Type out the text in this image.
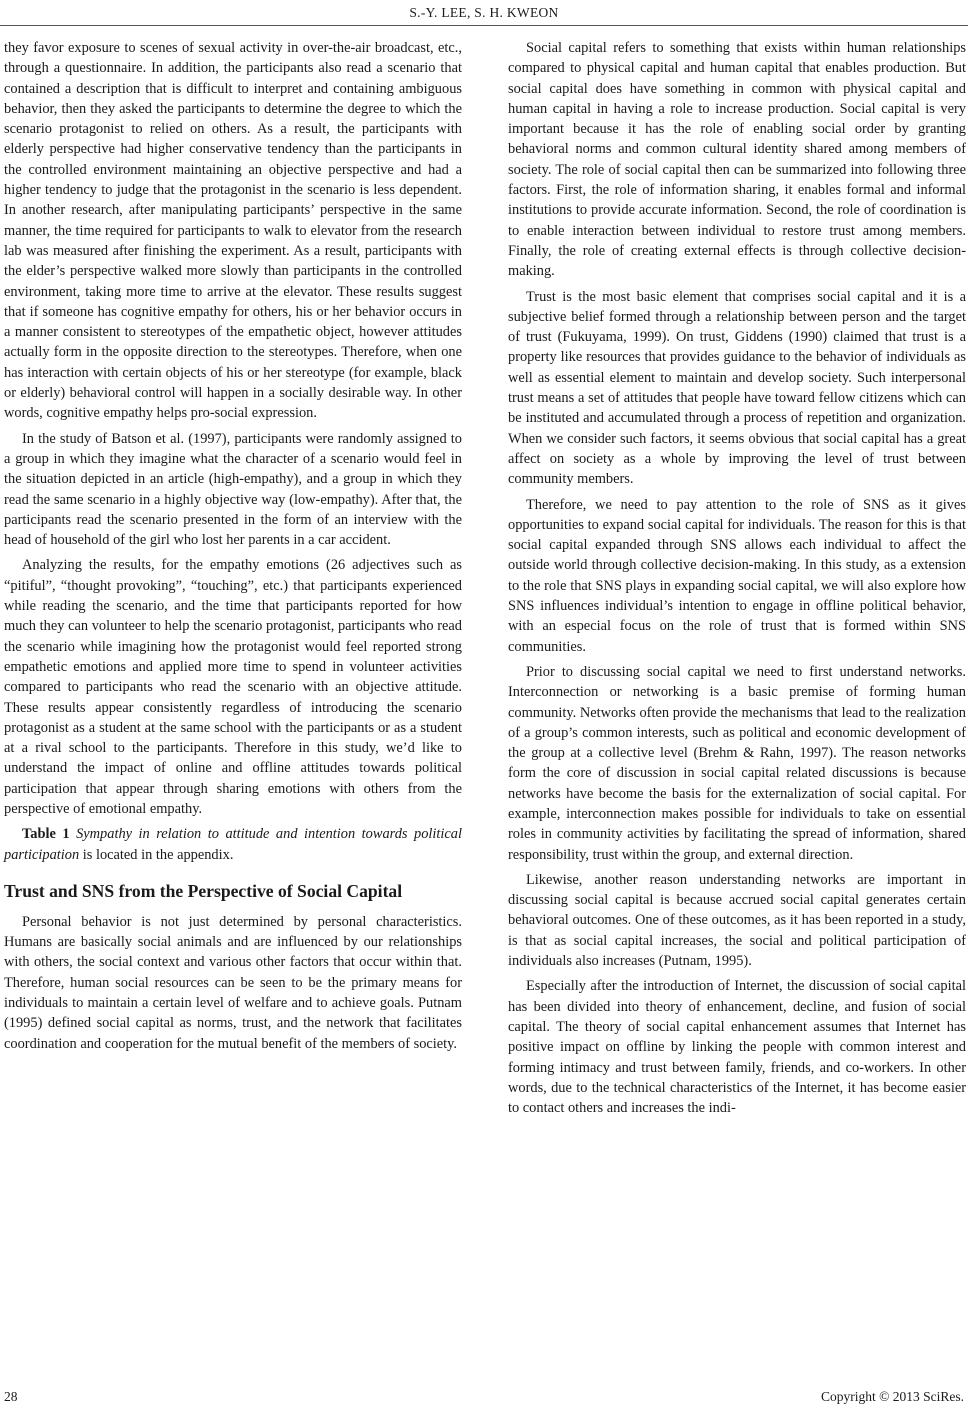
S.-Y. LEE, S. H. KWEON

they favor exposure to scenes of sexual activity in over-the-air broadcast, etc., through a questionnaire. In addition, the participants also read a scenario that contained a description that is difficult to interpret and containing ambiguous behavior, then they asked the participants to determine the degree to which the scenario protagonist to relied on others. As a result, the participants with elderly perspective had higher conservative tendency than the participants in the controlled environment maintaining an objective perspective and had a higher tendency to judge that the protagonist in the scenario is less dependent. In another research, after manipulating participants’ perspective in the same manner, the time required for participants to walk to elevator from the research lab was measured after finishing the experiment. As a result, participants with the elder’s perspective walked more slowly than participants in the controlled environment, taking more time to arrive at the elevator. These results suggest that if someone has cognitive empathy for others, his or her behavior occurs in a manner consistent to stereotypes of the empathetic object, however attitudes actually form in the opposite direction to the stereotypes. Therefore, when one has interaction with certain objects of his or her stereotype (for example, black or elderly) behavioral control will happen in a socially desirable way. In other words, cognitive empathy helps pro-social expression.

In the study of Batson et al. (1997), participants were randomly assigned to a group in which they imagine what the character of a scenario would feel in the situation depicted in an article (high-empathy), and a group in which they read the same scenario in a highly objective way (low-empathy). After that, the participants read the scenario presented in the form of an interview with the head of household of the girl who lost her parents in a car accident.

Analyzing the results, for the empathy emotions (26 adjectives such as “pitiful”, “thought provoking”, “touching”, etc.) that participants experienced while reading the scenario, and the time that participants reported for how much they can volunteer to help the scenario protagonist, participants who read the scenario while imagining how the protagonist would feel reported strong empathetic emotions and applied more time to spend in volunteer activities compared to participants who read the scenario with an objective attitude. These results appear consistently regardless of introducing the scenario protagonist as a student at the same school with the participants or as a student at a rival school to the participants. Therefore in this study, we’d like to understand the impact of online and offline attitudes towards political participation that appear through sharing emotions with others from the perspective of emotional empathy.

Table 1 Sympathy in relation to attitude and intention towards political participation is located in the appendix.

Trust and SNS from the Perspective of Social Capital

Personal behavior is not just determined by personal characteristics. Humans are basically social animals and are influenced by our relationships with others, the social context and various other factors that occur within that. Therefore, human social resources can be seen to be the primary means for individuals to maintain a certain level of welfare and to achieve goals. Putnam (1995) defined social capital as norms, trust, and the network that facilitates coordination and cooperation for the mutual benefit of the members of society.

Social capital refers to something that exists within human relationships compared to physical capital and human capital that enables production. But social capital does have something in common with physical capital and human capital in having a role to increase production. Social capital is very important because it has the role of enabling social order by granting behavioral norms and common cultural identity shared among members of society. The role of social capital then can be summarized into following three factors. First, the role of information sharing, it enables formal and informal institutions to provide accurate information. Second, the role of coordination is to enable interaction between individual to restore trust among members. Finally, the role of creating external effects is through collective decision-making.

Trust is the most basic element that comprises social capital and it is a subjective belief formed through a relationship between person and the target of trust (Fukuyama, 1999). On trust, Giddens (1990) claimed that trust is a property like resources that provides guidance to the behavior of individuals as well as essential element to maintain and develop society. Such interpersonal trust means a set of attitudes that people have toward fellow citizens which can be instituted and accumulated through a process of repetition and organization. When we consider such factors, it seems obvious that social capital has a great affect on society as a whole by improving the level of trust between community members.

Therefore, we need to pay attention to the role of SNS as it gives opportunities to expand social capital for individuals. The reason for this is that social capital expanded through SNS allows each individual to affect the outside world through collective decision-making. In this study, as a extension to the role that SNS plays in expanding social capital, we will also explore how SNS influences individual’s intention to engage in offline political behavior, with an especial focus on the role of trust that is formed within SNS communities.

Prior to discussing social capital we need to first understand networks. Interconnection or networking is a basic premise of forming human community. Networks often provide the mechanisms that lead to the realization of a group’s common interests, such as political and economic development of the group at a collective level (Brehm & Rahn, 1997). The reason networks form the core of discussion in social capital related discussions is because networks have become the basis for the externalization of social capital. For example, interconnection makes possible for individuals to take on essential roles in community activities by facilitating the spread of information, shared responsibility, trust within the group, and external direction.

Likewise, another reason understanding networks are important in discussing social capital is because accrued social capital generates certain behavioral outcomes. One of these outcomes, as it has been reported in a study, is that as social capital increases, the social and political participation of individuals also increases (Putnam, 1995).

Especially after the introduction of Internet, the discussion of social capital has been divided into theory of enhancement, decline, and fusion of social capital. The theory of social capital enhancement assumes that Internet has positive impact on offline by linking the people with common interest and forming intimacy and trust between family, friends, and co-workers. In other words, due to the technical characteristics of the Internet, it has become easier to contact others and increases the indi-

28	Copyright © 2013 SciRes.
